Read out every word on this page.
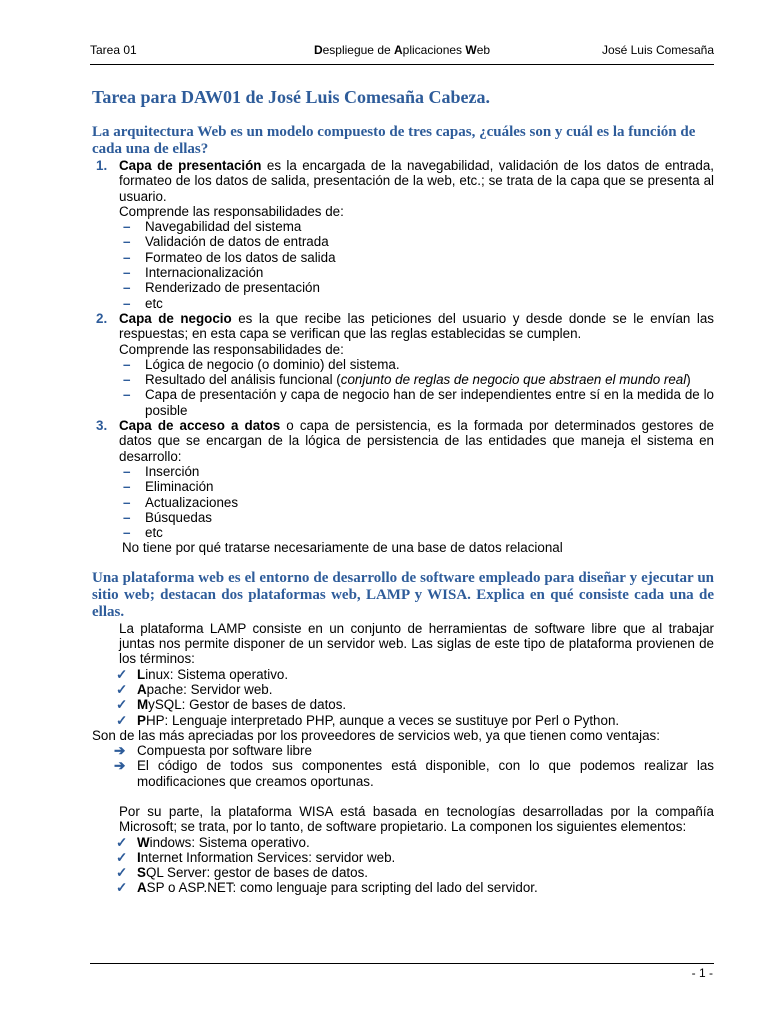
Tarea 01	Despliegue de Aplicaciones Web	José Luis Comesaña
Tarea para DAW01 de José Luis Comesaña Cabeza.
La arquitectura Web es un modelo compuesto de tres capas, ¿cuáles son y cuál es la función de cada una de ellas?
1. Capa de presentación es la encargada de la navegabilidad, validación de los datos de entrada, formateo de los datos de salida, presentación de la web, etc.; se trata de la capa que se presenta al usuario.
Comprende las responsabilidades de:
– Navegabilidad del sistema
– Validación de datos de entrada
– Formateo de los datos de salida
– Internacionalización
– Renderizado de presentación
– etc
2. Capa de negocio es la que recibe las peticiones del usuario y desde donde se le envían las respuestas; en esta capa se verifican que las reglas establecidas se cumplen.
Comprende las responsabilidades de:
– Lógica de negocio (o dominio) del sistema.
– Resultado del análisis funcional (conjunto de reglas de negocio que abstraen el mundo real)
– Capa de presentación y capa de negocio han de ser independientes entre sí en la medida de lo posible
3. Capa de acceso a datos o capa de persistencia, es la formada por determinados gestores de datos que se encargan de la lógica de persistencia de las entidades que maneja el sistema en desarrollo:
– Inserción
– Eliminación
– Actualizaciones
– Búsquedas
– etc
No tiene por qué tratarse necesariamente de una base de datos relacional
Una plataforma web es el entorno de desarrollo de software empleado para diseñar y ejecutar un sitio web; destacan dos plataformas web, LAMP y WISA. Explica en qué consiste cada una de ellas.
La plataforma LAMP consiste en un conjunto de herramientas de software libre que al trabajar juntas nos permite disponer de un servidor web. Las siglas de este tipo de plataforma provienen de los términos:
✓ Linux: Sistema operativo.
✓ Apache: Servidor web.
✓ MySQL: Gestor de bases de datos.
✓ PHP: Lenguaje interpretado PHP, aunque a veces se sustituye por Perl o Python.
Son de las más apreciadas por los proveedores de servicios web, ya que tienen como ventajas:
➔ Compuesta por software libre
➔ El código de todos sus componentes está disponible, con lo que podemos realizar las modificaciones que creamos oportunas.
Por su parte, la plataforma WISA está basada en tecnologías desarrolladas por la compañía Microsoft; se trata, por lo tanto, de software propietario. La componen los siguientes elementos:
✓ Windows: Sistema operativo.
✓ Internet Information Services: servidor web.
✓ SQL Server: gestor de bases de datos.
✓ ASP o ASP.NET: como lenguaje para scripting del lado del servidor.
- 1 -
